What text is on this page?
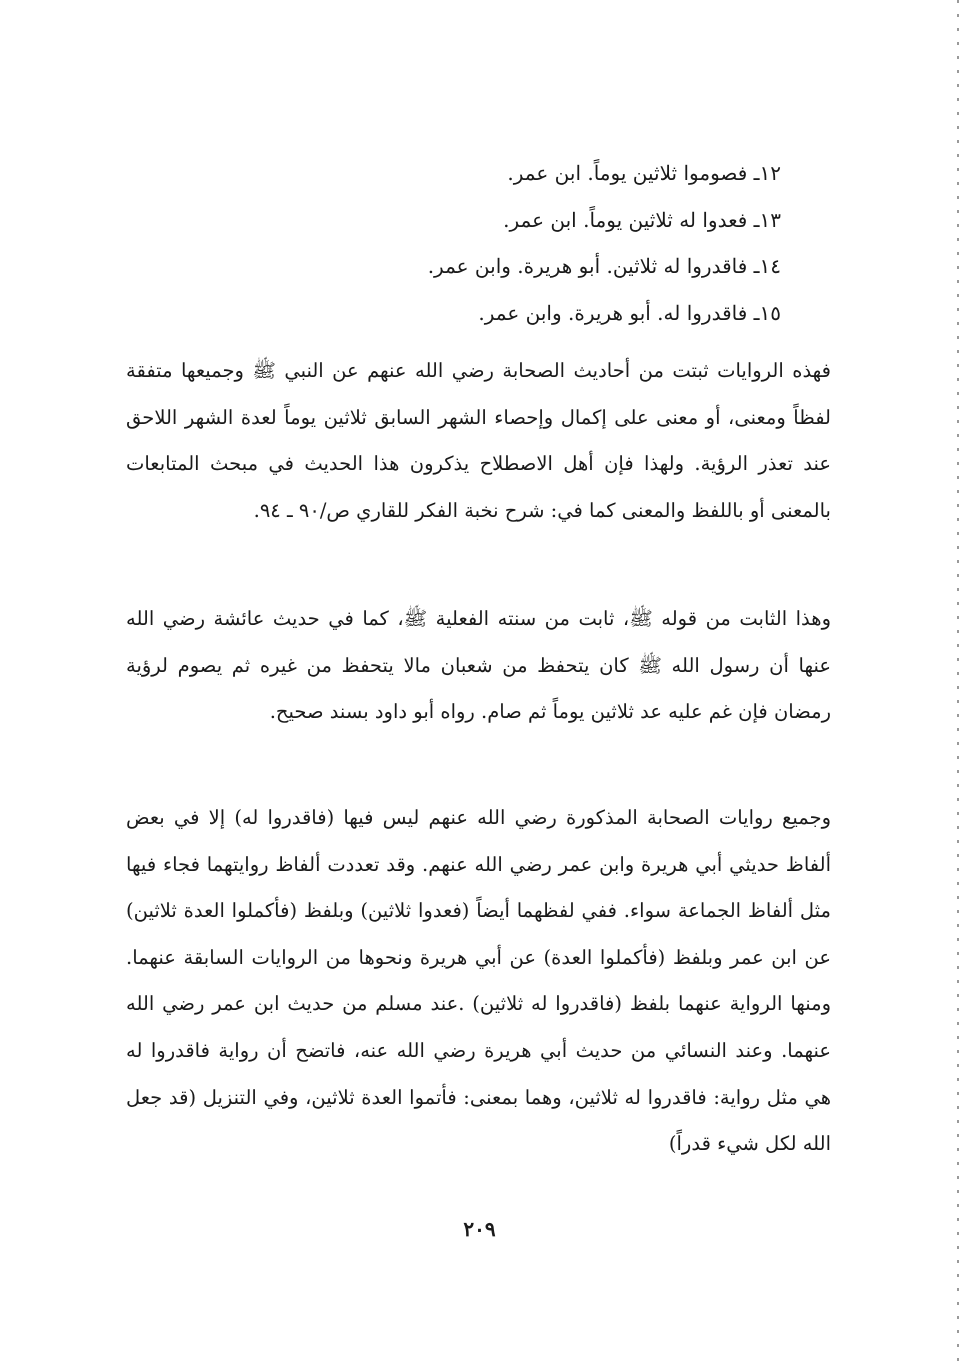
١٢ـ فصوموا ثلاثين يوماً. ابن عمر.
١٣ـ فعدوا له ثلاثين يوماً. ابن عمر.
١٤ـ فاقدروا له ثلاثين. أبو هريرة. وابن عمر.
١٥ـ فاقدروا له. أبو هريرة. وابن عمر.

فهذه الروايات ثبتت من أحاديث الصحابة رضي الله عنهم عن النبي ﷺ وجميعها متفقة لفظاً ومعنى، أو معنى على إكمال وإحصاء الشهر السابق ثلاثين يوماً لعدة الشهر اللاحق عند تعذر الرؤية. ولهذا فإن أهل الاصطلاح يذكرون هذا الحديث في مبحث المتابعات بالمعنى أو باللفظ والمعنى كما في: شرح نخبة الفكر للقاري ص/٩٠ ـ ٩٤.

وهذا الثابت من قوله ﷺ، ثابت من سنته الفعلية ﷺ، كما في حديث عائشة رضي الله عنها أن رسول الله ﷺ كان يتحفظ من شعبان مالا يتحفظ من غيره ثم يصوم لرؤية رمضان فإن غم عليه عد ثلاثين يوماً ثم صام. رواه أبو داود بسند صحيح.

وجميع روايات الصحابة المذكورة رضي الله عنهم ليس فيها (فاقدروا له) إلا في بعض ألفاظ حديثي أبي هريرة وابن عمر رضي الله عنهم. وقد تعددت ألفاظ روايتهما فجاء فيها مثل ألفاظ الجماعة سواء. ففي لفظهما أيضاً (فعدوا ثلاثين) وبلفظ (فأكملوا العدة ثلاثين) عن ابن عمر وبلفظ (فأكملوا العدة) عن أبي هريرة ونحوها من الروايات السابقة عنهما. ومنها الرواية عنهما بلفظ (فاقدروا له ثلاثين) .عند مسلم من حديث ابن عمر رضي الله عنهما. وعند النسائي من حديث أبي هريرة رضي الله عنه، فاتضح أن رواية فاقدروا له هي مثل رواية: فاقدروا له ثلاثين، وهما بمعنى: فأتموا العدة ثلاثين، وفي التنزيل (قد جعل الله لكل شيء قدراً)

٢٠٩
